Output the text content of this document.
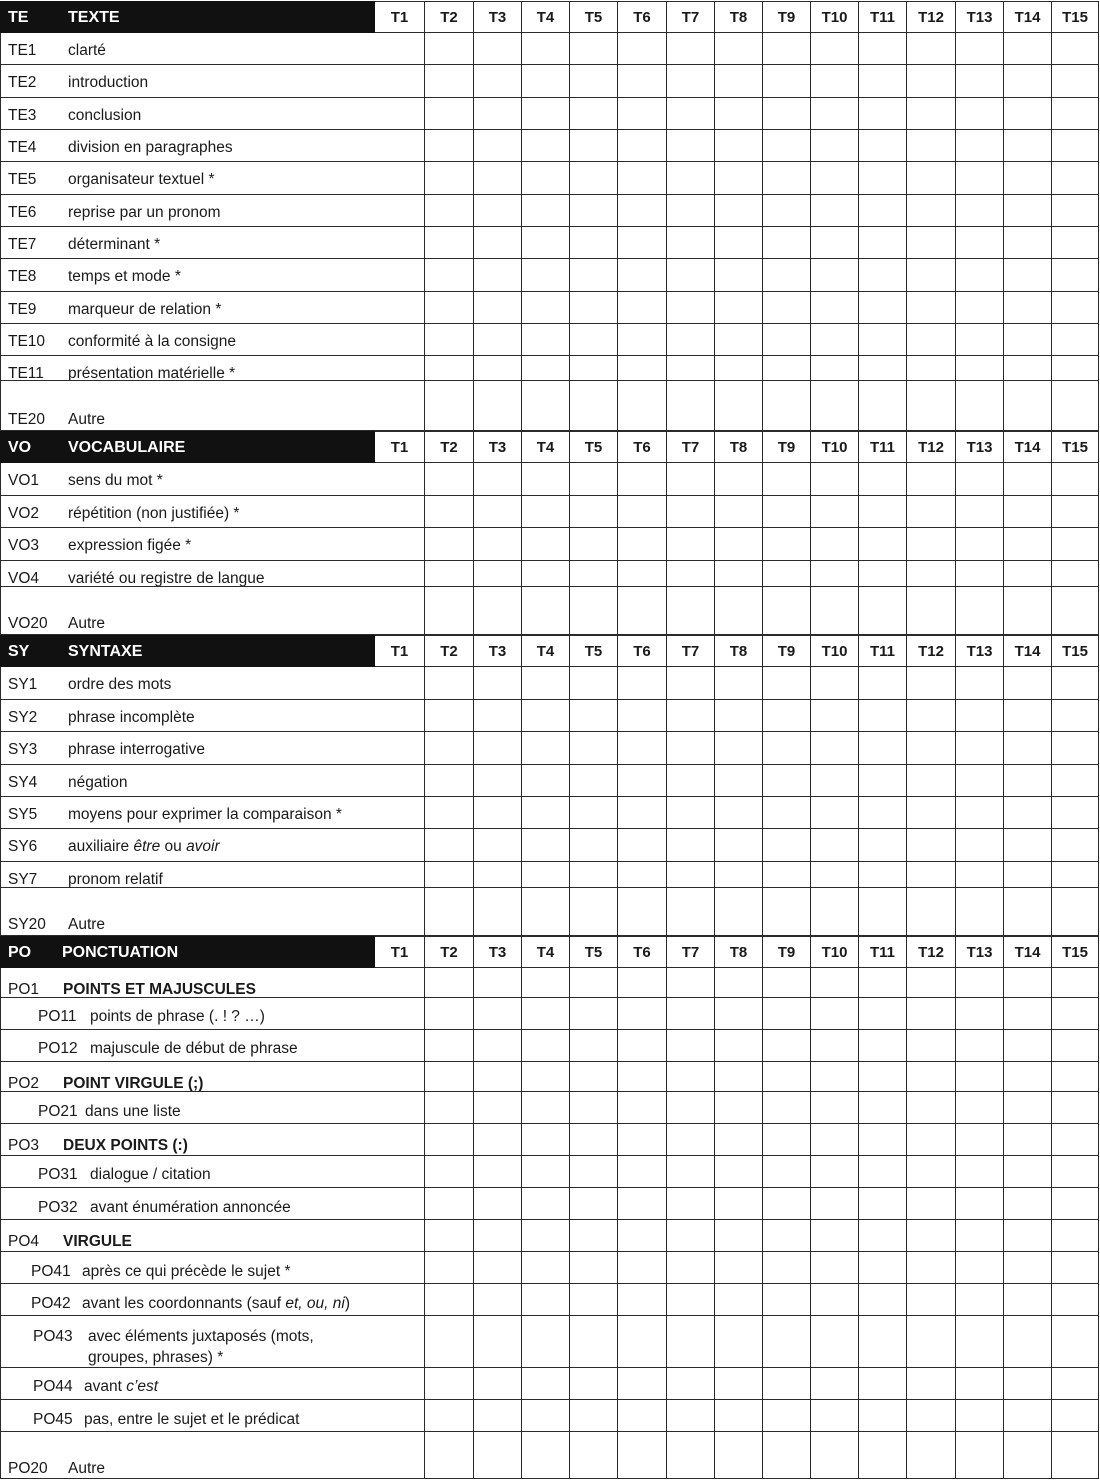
TE TEXTE	T1	T2	T3	T4	T5	T6	T7	T8	T9	T10	T11	T12	T13	T14	T15
TE1 clarté
TE2 introduction
TE3 conclusion
TE4 division en paragraphes
TE5 organisateur textuel *
TE6 reprise par un pronom
TE7 déterminant *
TE8 temps et mode *
TE9 marqueur de relation *
TE10 conformité à la consigne
TE11 présentation matérielle *
TE20 Autre
VO VOCABULAIRE	T1	T2	T3	T4	T5	T6	T7	T8	T9	T10	T11	T12	T13	T14	T15
VO1 sens du mot *
VO2 répétition (non justifiée) *
VO3 expression figée *
VO4 variété ou registre de langue
VO20 Autre
SY SYNTAXE	T1	T2	T3	T4	T5	T6	T7	T8	T9	T10	T11	T12	T13	T14	T15
SY1 ordre des mots
SY2 phrase incomplète
SY3 phrase interrogative
SY4 négation
SY5 moyens pour exprimer la comparaison *
SY6 auxiliaire être ou avoir
SY7 pronom relatif
SY20 Autre
PO PONCTUATION	T1	T2	T3	T4	T5	T6	T7	T8	T9	T10	T11	T12	T13	T14	T15
PO1 POINTS ET MAJUSCULES
PO11 points de phrase (. ! ? …)
PO12 majuscule de début de phrase
PO2 POINT VIRGULE (;)
PO21 dans une liste
PO3 DEUX POINTS (:)
PO31 dialogue / citation
PO32 avant énumération annoncée
PO4 VIRGULE
PO41 après ce qui précède le sujet *
PO42 avant les coordonnants (sauf et, ou, ni)
PO43 avec éléments juxtaposés (mots,
groupes, phrases) *
PO44 avant c’est
PO45 pas, entre le sujet et le prédicat
PO20 Autre
